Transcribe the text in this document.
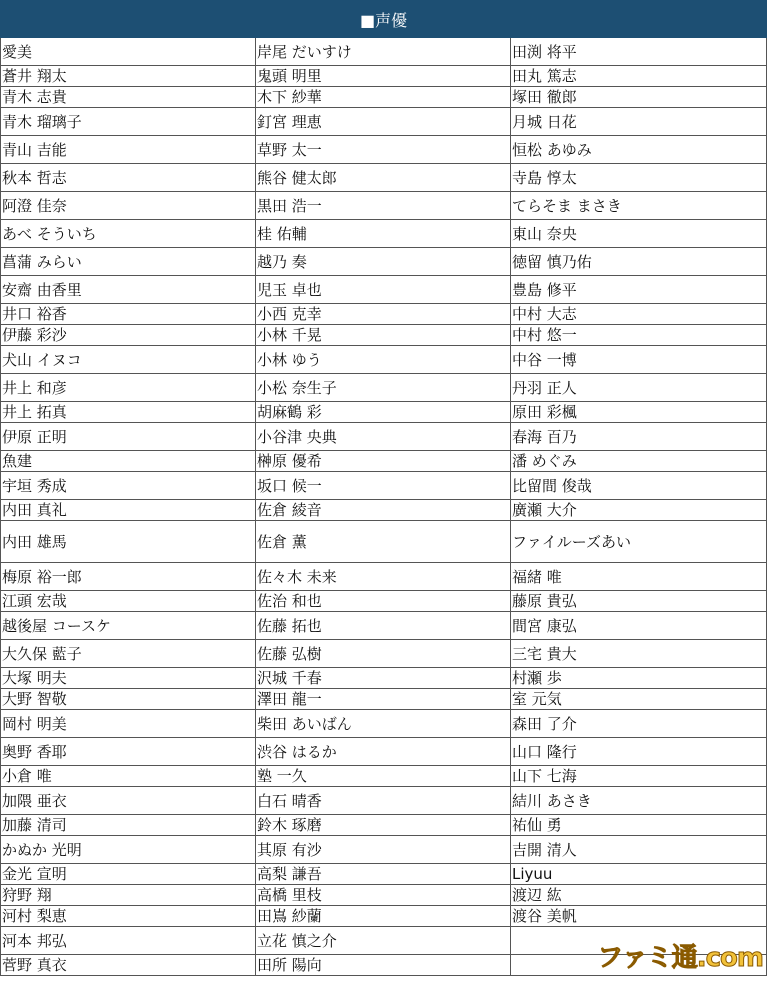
■声優		
愛美	岸尾 だいすけ	田渕 将平
蒼井 翔太	鬼頭 明里	田丸 篤志
青木 志貴	木下 紗華	塚田 徹郎
青木 瑠璃子	釘宮 理恵	月城 日花
青山 吉能	草野 太一	恒松 あゆみ
秋本 哲志	熊谷 健太郎	寺島 惇太
阿澄 佳奈	黒田 浩一	てらそま まさき
あべ そういち	桂 佑輔	東山 奈央
菖蒲 みらい	越乃 奏	徳留 慎乃佑
安齋 由香里	児玉 卓也	豊島 修平
井口 裕香	小西 克幸	中村 大志
伊藤 彩沙	小林 千晃	中村 悠一
犬山 イヌコ	小林 ゆう	中谷 一博
井上 和彦	小松 奈生子	丹羽 正人
井上 拓真	胡麻鶴 彩	原田 彩楓
伊原 正明	小谷津 央典	春海 百乃
魚建	榊原 優希	潘 めぐみ
宇垣 秀成	坂口 候一	比留間 俊哉
内田 真礼	佐倉 綾音	廣瀬 大介
内田 雄馬	佐倉 薫	ファイルーズあい
梅原 裕一郎	佐々木 未来	福緒 唯
江頭 宏哉	佐治 和也	藤原 貴弘
越後屋 コースケ	佐藤 拓也	間宮 康弘
大久保 藍子	佐藤 弘樹	三宅 貴大
大塚 明夫	沢城 千春	村瀬 歩
大野 智敬	澤田 龍一	室 元気
岡村 明美	柴田 あいばん	森田 了介
奥野 香耶	渋谷 はるか	山口 隆行
小倉 唯	塾 一久	山下 七海
加隈 亜衣	白石 晴香	結川 あさき
加藤 清司	鈴木 琢磨	祐仙 勇
かぬか 光明	其原 有沙	吉開 清人
金光 宣明	高梨 謙吾	Liyuu
狩野 翔	高橋 里枝	渡辺 紘
河村 梨恵	田嶌 紗蘭	渡谷 美帆
河本 邦弘	立花 慎之介	
菅野 真衣	田所 陽向		ファミ通.com
